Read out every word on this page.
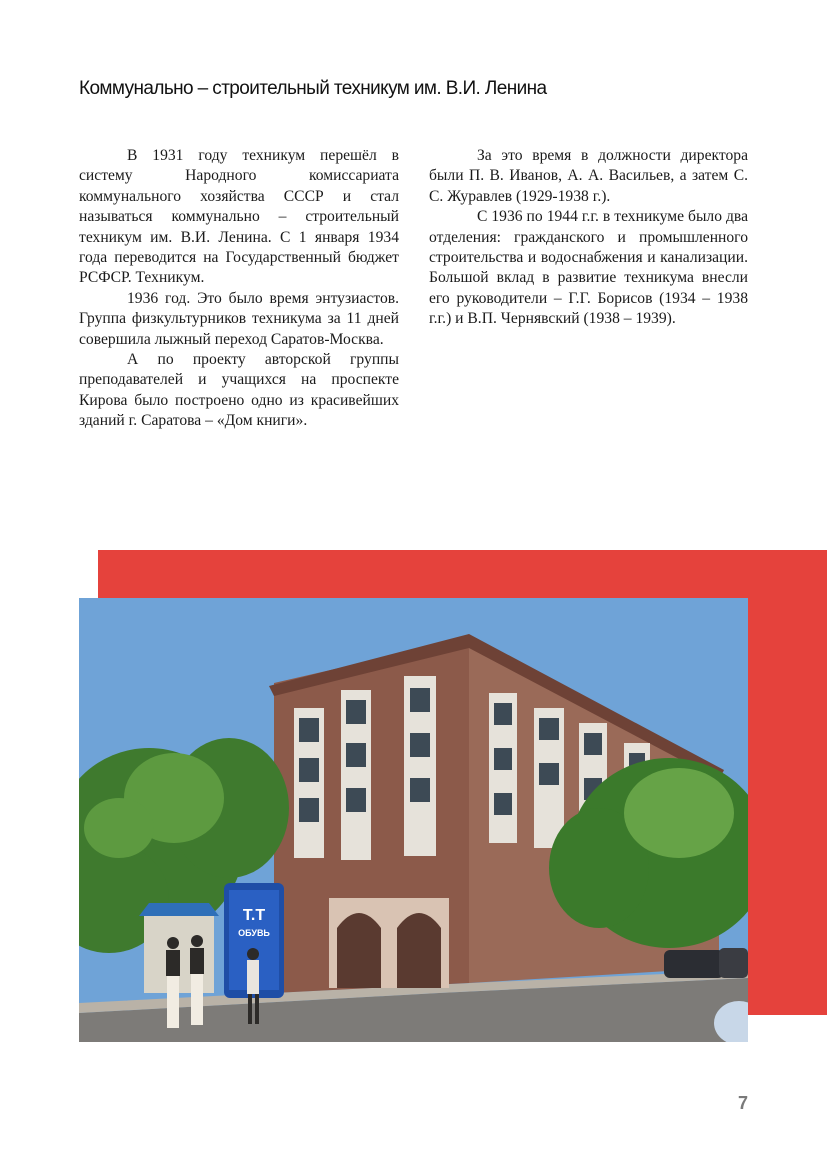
Коммунально – строительный техникум им. В.И. Ленина

В 1931 году техникум перешёл в систему Народного комиссариата коммунального хозяйства СССР и стал называться коммунально – строительный техникум им. В.И. Ленина. С 1 января 1934 года переводится на Государственный бюджет РСФСР. Техникум.

1936 год. Это было время энтузиастов. Группа физкультурников техникума за 11 дней совершила лыжный переход Саратов-Москва.

А по проекту авторской группы преподавателей и учащихся на проспекте Кирова было построено одно из красивейших зданий г. Саратова – «Дом книги».

За это время в должности директора были П. В. Иванов, А. А. Васильев, а затем С. С. Журавлев (1929-1938 г.).

С 1936 по 1944 г.г. в техникуме было два отделения: гражданского и промышленного строительства и водоснабжения и канализации. Большой вклад в развитие техникума внесли его руководители – Г.Г. Борисов (1934 – 1938 г.г.) и В.П. Чернявский (1938 – 1939).

Т.Т
ОБУВЬ
7
